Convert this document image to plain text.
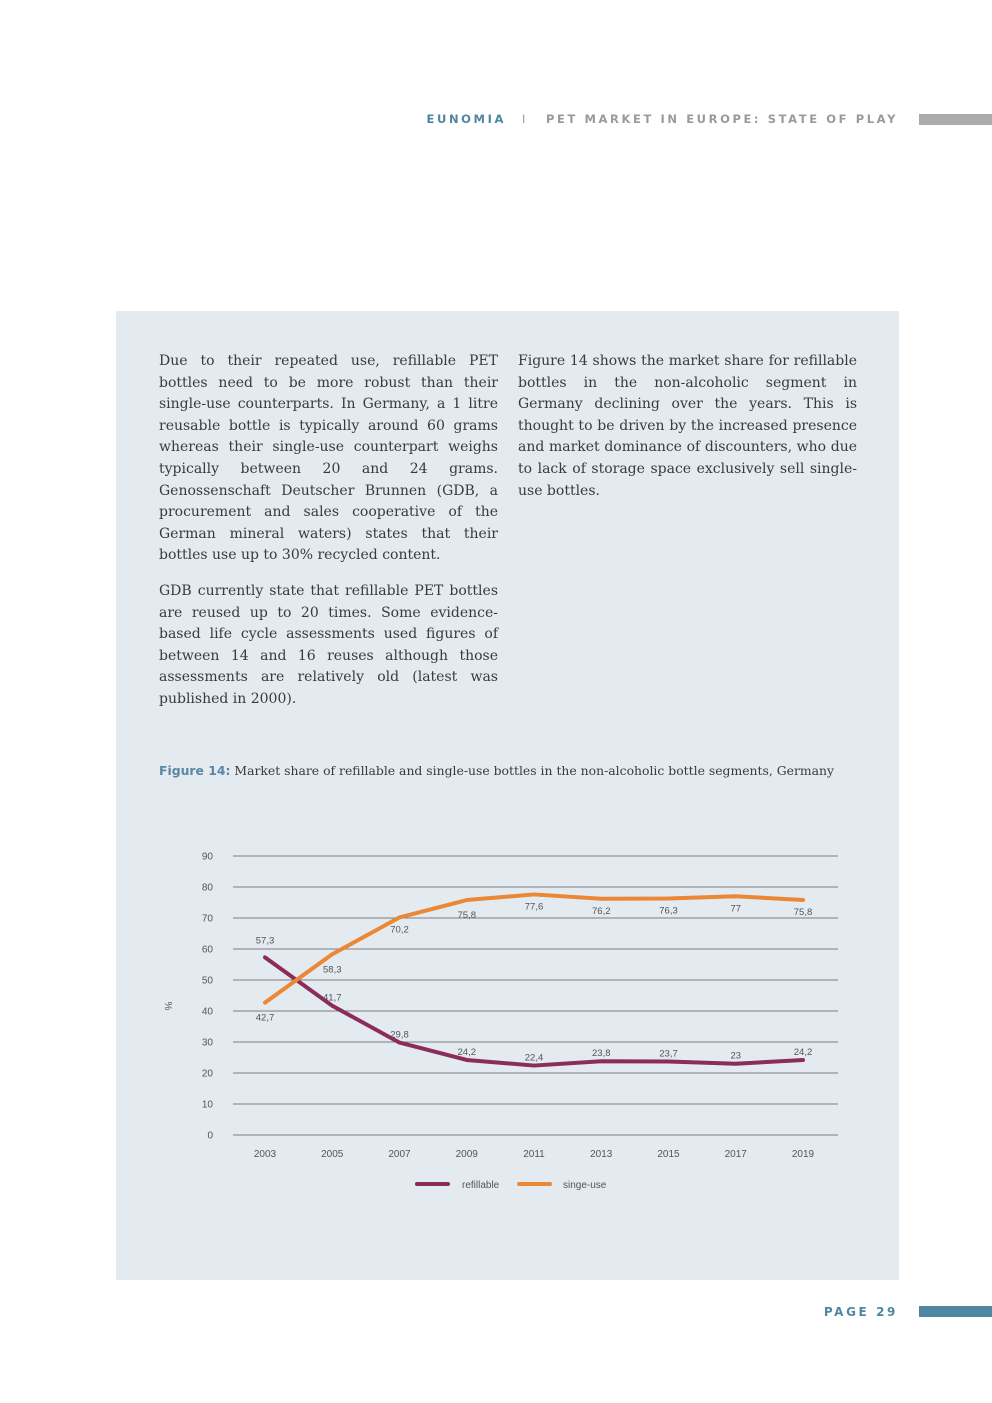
EUNOMIA I PET MARKET IN EUROPE: STATE OF PLAY

Due to their repeated use, refillable PET bottles need to be more robust than their single-use counterparts. In Germany, a 1 litre reusable bottle is typically around 60 grams whereas their single-use counterpart weighs typically between 20 and 24 grams. Genossenschaft Deutscher Brunnen (GDB, a procurement and sales cooperative of the German mineral waters) states that their bottles use up to 30% recycled content.

GDB currently state that refillable PET bottles are reused up to 20 times. Some evidence-based life cycle assessments used figures of between 14 and 16 reuses although those assessments are relatively old (latest was published in 2000).

Figure 14 shows the market share for refillable bottles in the non-alcoholic segment in Germany declining over the years. This is thought to be driven by the increased presence and market dominance of discounters, who due to lack of storage space exclusively sell single-use bottles.

Figure 14: Market share of refillable and single-use bottles in the non-alcoholic bottle segments, Germany
0
10
20
30
40
50
60
70
80
90
%
2003	2005	2007	2009	2011	2013	2015	2017	2019
57,3
41,7
29,8
24,2
22,4	23,8	23,7	23	24,2
42,7
58,3
70,2
75,8
77,6	76,2	76,3	77	75,8
refillable	singe-use
PAGE 29
